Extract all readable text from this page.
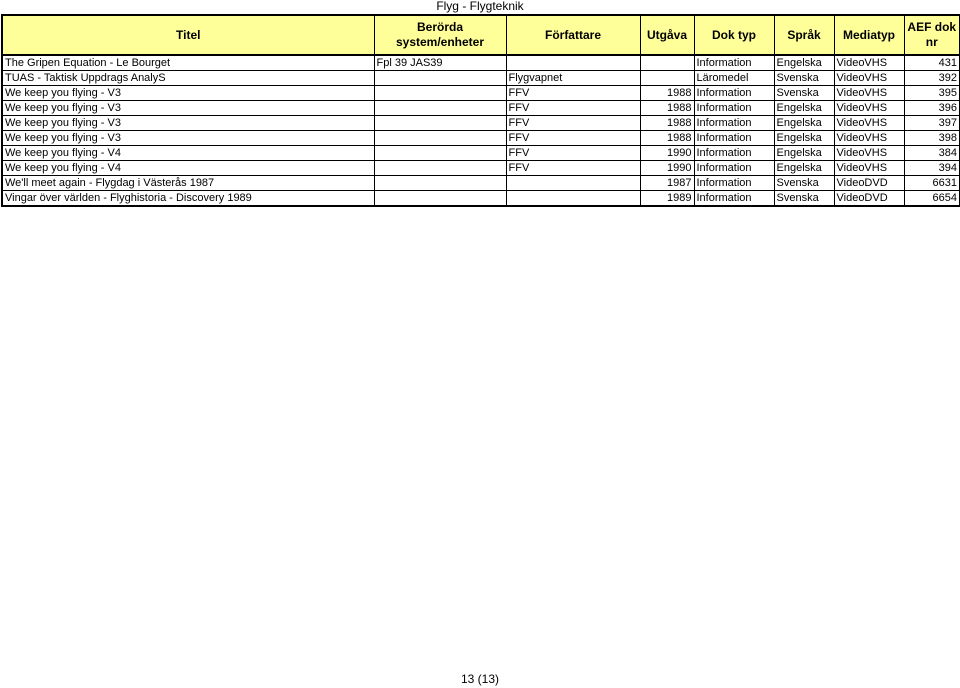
Flyg - Flygteknik
Titel	Berörda system/enheter	Författare	Utgåva	Dok typ	Språk	Mediatyp	AEF dok nr
The Gripen Equation - Le Bourget	Fpl 39 JAS39			Information	Engelska	VideoVHS	431
TUAS - Taktisk Uppdrags AnalyS		Flygvapnet		Läromedel	Svenska	VideoVHS	392
We keep you flying - V3		FFV	1988	Information	Svenska	VideoVHS	395
We keep you flying - V3		FFV	1988	Information	Engelska	VideoVHS	396
We keep you flying - V3		FFV	1988	Information	Engelska	VideoVHS	397
We keep you flying - V3		FFV	1988	Information	Engelska	VideoVHS	398
We keep you flying - V4		FFV	1990	Information	Engelska	VideoVHS	384
We keep you flying - V4		FFV	1990	Information	Engelska	VideoVHS	394
We'll meet again - Flygdag i Västerås 1987			1987	Information	Svenska	VideoDVD	6631
Vingar över världen - Flyghistoria - Discovery 1989			1989	Information	Svenska	VideoDVD	6654
13 (13)
